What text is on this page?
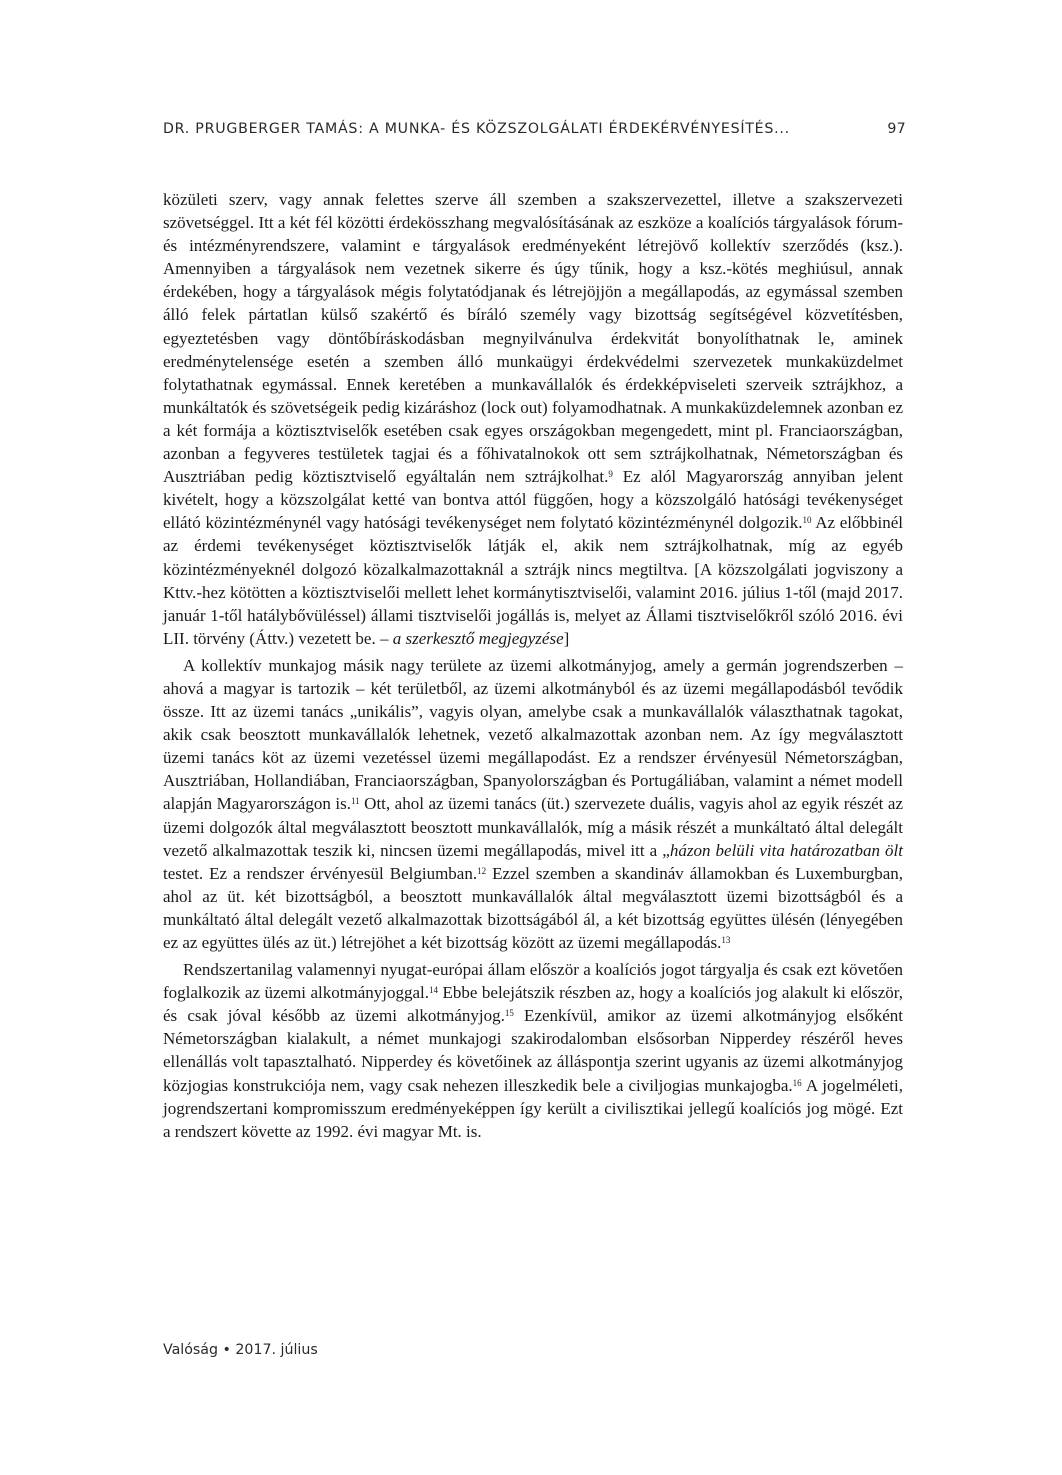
DR. PRUGBERGER TAMÁS: A MUNKA- ÉS KÖZSZOLGÁLATI ÉRDEKÉRVÉNYESÍTÉS...	97

közületi szerv, vagy annak felettes szerve áll szemben a szakszervezettel, illetve a szakszervezeti szövetséggel. Itt a két fél közötti érdekösszhang megvalósításának az eszköze a koalíciós tárgyalások fórum- és intézményrendszere, valamint e tárgyalások eredményeként létrejövő kollektív szerződés (ksz.). Amennyiben a tárgyalások nem vezetnek sikerre és úgy tűnik, hogy a ksz.-kötés meghiúsul, annak érdekében, hogy a tárgyalások mégis folytatódjanak és létrejöjjön a megállapodás, az egymással szemben álló felek pártatlan külső szakértő és bíráló személy vagy bizottság segítségével közvetítésben, egyeztetésben vagy döntőbíráskodásban megnyilvánulva érdekvitát bonyolíthatnak le, aminek eredménytelensége esetén a szemben álló munkaügyi érdekvédelmi szervezetek munkaküzdelmet folytathatnak egymással. Ennek keretében a munkavállalók és érdekképviseleti szerveik sztrájkhoz, a munkáltatók és szövetségeik pedig kizáráshoz (lock out) folyamodhatnak. A munkaküzdelemnek azonban ez a két formája a köztisztviselők esetében csak egyes országokban megengedett, mint pl. Franciaországban, azonban a fegyveres testületek tagjai és a főhivatalnokok ott sem sztrájkolhatnak, Németországban és Ausztriában pedig köztisztviselő egyáltalán nem sztrájkolhat.$^9$ Ez alól Magyarország annyiban jelent kivételt, hogy a közszolgálat ketté van bontva attól függően, hogy a közszolgáló hatósági tevékenységet ellátó közintézménynél vagy hatósági tevékenységet nem folytató közintézménynél dolgozik.$^{10}$ Az előbbinél az érdemi tevékenységet köztisztviselők látják el, akik nem sztrájkolhatnak, míg az egyéb közintézményeknél dolgozó közalkalmazottaknál a sztrájk nincs megtiltva. [A közszolgálati jogviszony a Kttv.-hez kötötten a köztisztviselői mellett lehet kormánytisztviselői, valamint 2016. július 1-től (majd 2017. január 1-től hatálybővüléssel) állami tisztviselői jogállás is, melyet az Állami tisztviselőkről szóló 2016. évi LII. törvény (Áttv.) vezetett be. – a szerkesztő megjegyzése]

A kollektív munkajog másik nagy területe az üzemi alkotmányjog, amely a germán jogrendszerben – ahová a magyar is tartozik – két területből, az üzemi alkotmányból és az üzemi megállapodásból tevődik össze. Itt az üzemi tanács „unikális”, vagyis olyan, amelybe csak a munkavállalók választhatnak tagokat, akik csak beosztott munkavállalók lehetnek, vezető alkalmazottak azonban nem. Az így megválasztott üzemi tanács köt az üzemi vezetéssel üzemi megállapodást. Ez a rendszer érvényesül Németországban, Ausztriában, Hollandiában, Franciaországban, Spanyolországban és Portugáliában, valamint a német modell alapján Magyarországon is.$^{11}$ Ott, ahol az üzemi tanács (üt.) szervezete duális, vagyis ahol az egyik részét az üzemi dolgozók által megválasztott beosztott munkavállalók, míg a másik részét a munkáltató által delegált vezető alkalmazottak teszik ki, nincsen üzemi megállapodás, mivel itt a „házon belüli vita határozatban ölt testet. Ez a rendszer érvényesül Belgiumban.$^{12}$ Ezzel szemben a skandináv államokban és Luxemburgban, ahol az üt. két bizottságból, a beosztott munkavállalók által megválasztott üzemi bizottságból és a munkáltató által delegált vezető alkalmazottak bizottságából ál, a két bizottság együttes ülésén (lényegében ez az együttes ülés az üt.) létrejöhet a két bizottság között az üzemi megállapodás.$^{13}$

Rendszertanilag valamennyi nyugat-európai állam először a koalíciós jogot tárgyalja és csak ezt követően foglalkozik az üzemi alkotmányjoggal.$^{14}$ Ebbe belejátszik részben az, hogy a koalíciós jog alakult ki először, és csak jóval később az üzemi alkotmányjog.$^{15}$ Ezenkívül, amikor az üzemi alkotmányjog elsőként Németországban kialakult, a német munkajogi szakirodalomban elsősorban Nipperdey részéről heves ellenállás volt tapasztalható. Nipperdey és követőinek az álláspontja szerint ugyanis az üzemi alkotmányjog közjogias konstrukciója nem, vagy csak nehezen illeszkedik bele a civiljogias munkajogba.$^{16}$ A jogelméleti, jogrendszertani kompromisszum eredményeképpen így került a civilisztikai jellegű koalíciós jog mögé. Ezt a rendszert követte az 1992. évi magyar Mt. is.

Valóság • 2017. július
